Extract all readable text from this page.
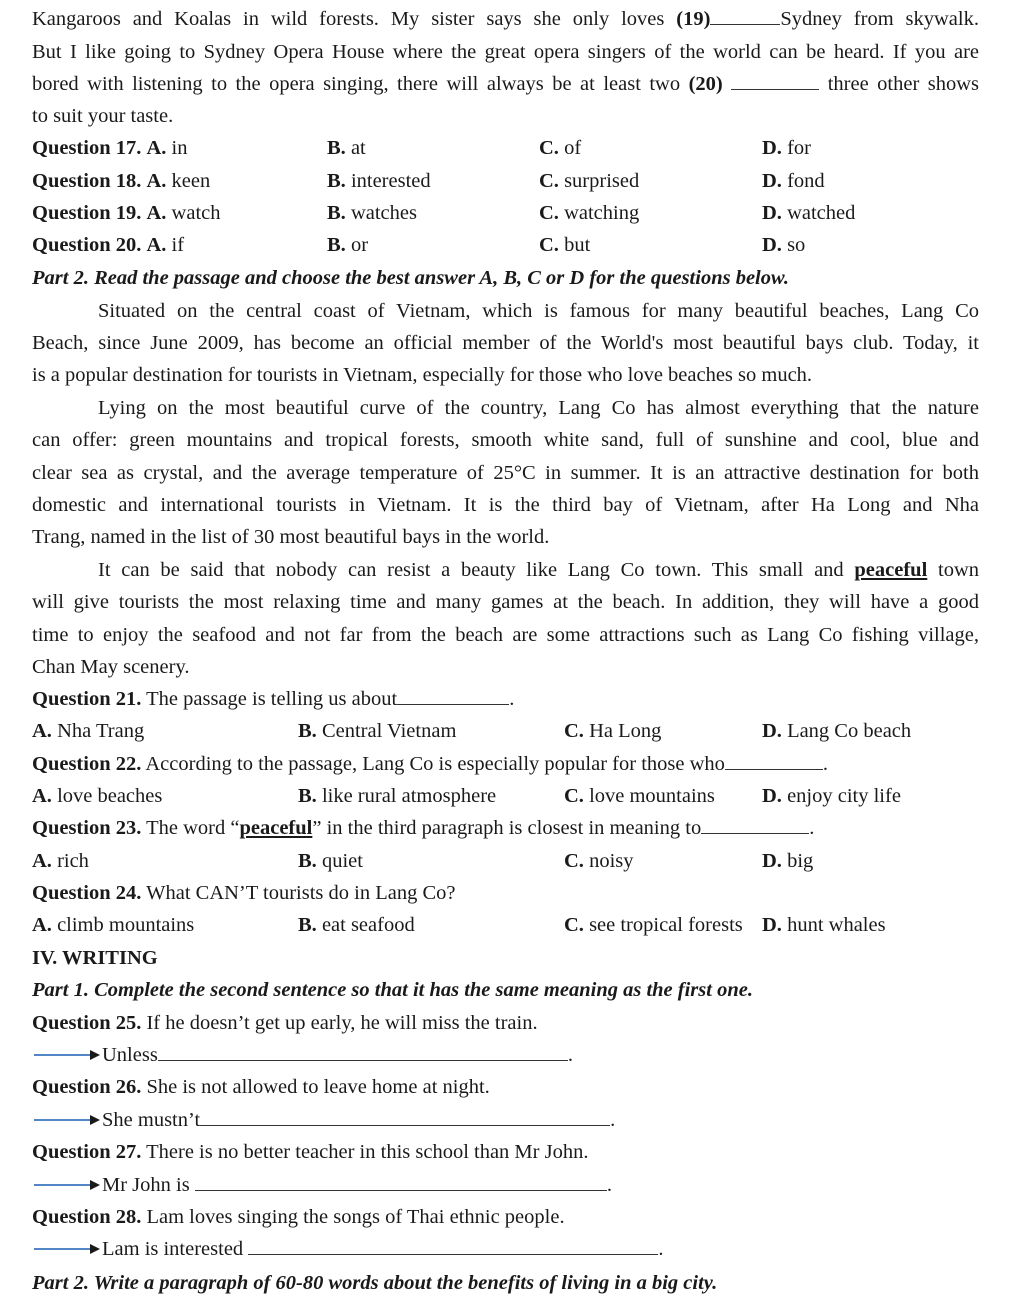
Kangaroos and Koalas in wild forests. My sister says she only loves (19)	Sydney from skywalk.
But I like going to Sydney Opera House where the great opera singers of the world can be heard. If you are
bored with listening to the opera singing, there will always be at least two (20)	three other shows
to suit your taste.
Question 17. A. in	B. at	C. of	D. for
Question 18. A. keen	B. interested	C. surprised	D. fond
Question 19. A. watch	B. watches	C. watching	D. watched
Question 20. A. if	B. or	C. but	D. so
Part 2. Read the passage and choose the best answer A, B, C or D for the questions below.
Situated on the central coast of Vietnam, which is famous for many beautiful beaches, Lang Co
Beach, since June 2009, has become an official member of the World's most beautiful bays club. Today, it
is a popular destination for tourists in Vietnam, especially for those who love beaches so much.
Lying on the most beautiful curve of the country, Lang Co has almost everything that the nature
can offer: green mountains and tropical forests, smooth white sand, full of sunshine and cool, blue and
clear sea as crystal, and the average temperature of 25°C in summer. It is an attractive destination for both
domestic and international tourists in Vietnam. It is the third bay of Vietnam, after Ha Long and Nha
Trang, named in the list of 30 most beautiful bays in the world.
It can be said that nobody can resist a beauty like Lang Co town. This small and peaceful town
will give tourists the most relaxing time and many games at the beach. In addition, they will have a good
time to enjoy the seafood and not far from the beach are some attractions such as Lang Co fishing village,
Chan May scenery.
Question 21. The passage is telling us about	.
A. Nha Trang	B. Central Vietnam	C. Ha Long	D. Lang Co beach
Question 22. According to the passage, Lang Co is especially popular for those who	.
A. love beaches	B. like rural atmosphere	C. love mountains D. enjoy city life
Question 23. The word “peaceful” in the third paragraph is closest in meaning to	.
A. rich	B. quiet	C. noisy	D. big
Question 24. What CAN’T tourists do in Lang Co?
A. climb mountains	B. eat seafood	C. see tropical forests D. hunt whales
IV. WRITING
Part 1. Complete the second sentence so that it has the same meaning as the first one.
Question 25. If he doesn’t get up early, he will miss the train.
Unless	.
Question 26. She is not allowed to leave home at night.
She mustn’t	.
Question 27. There is no better teacher in this school than Mr John.
Mr John is	.
Question 28. Lam loves singing the songs of Thai ethnic people.
Lam is interested	.
Part 2. Write a paragraph of 60-80 words about the benefits of living in a big city.
